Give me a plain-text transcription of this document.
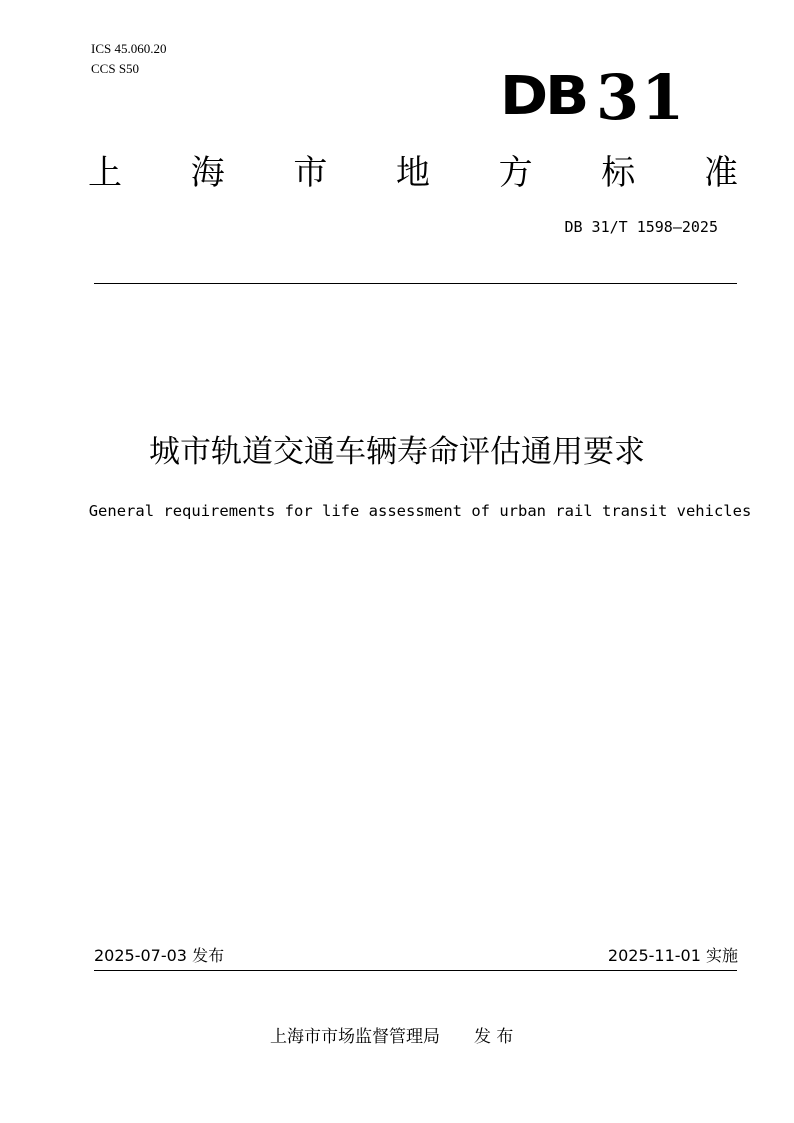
ICS 45.060.20
CCS S50	DB 31
上 海 市 地 方 标 准
DB 31/T 1598—2025
城市轨道交通车辆寿命评估通用要求
General requirements for life assessment of urban rail transit vehicles
2025-07-03 发布	2025-11-01 实施
上海市市场监督管理局 发 布
